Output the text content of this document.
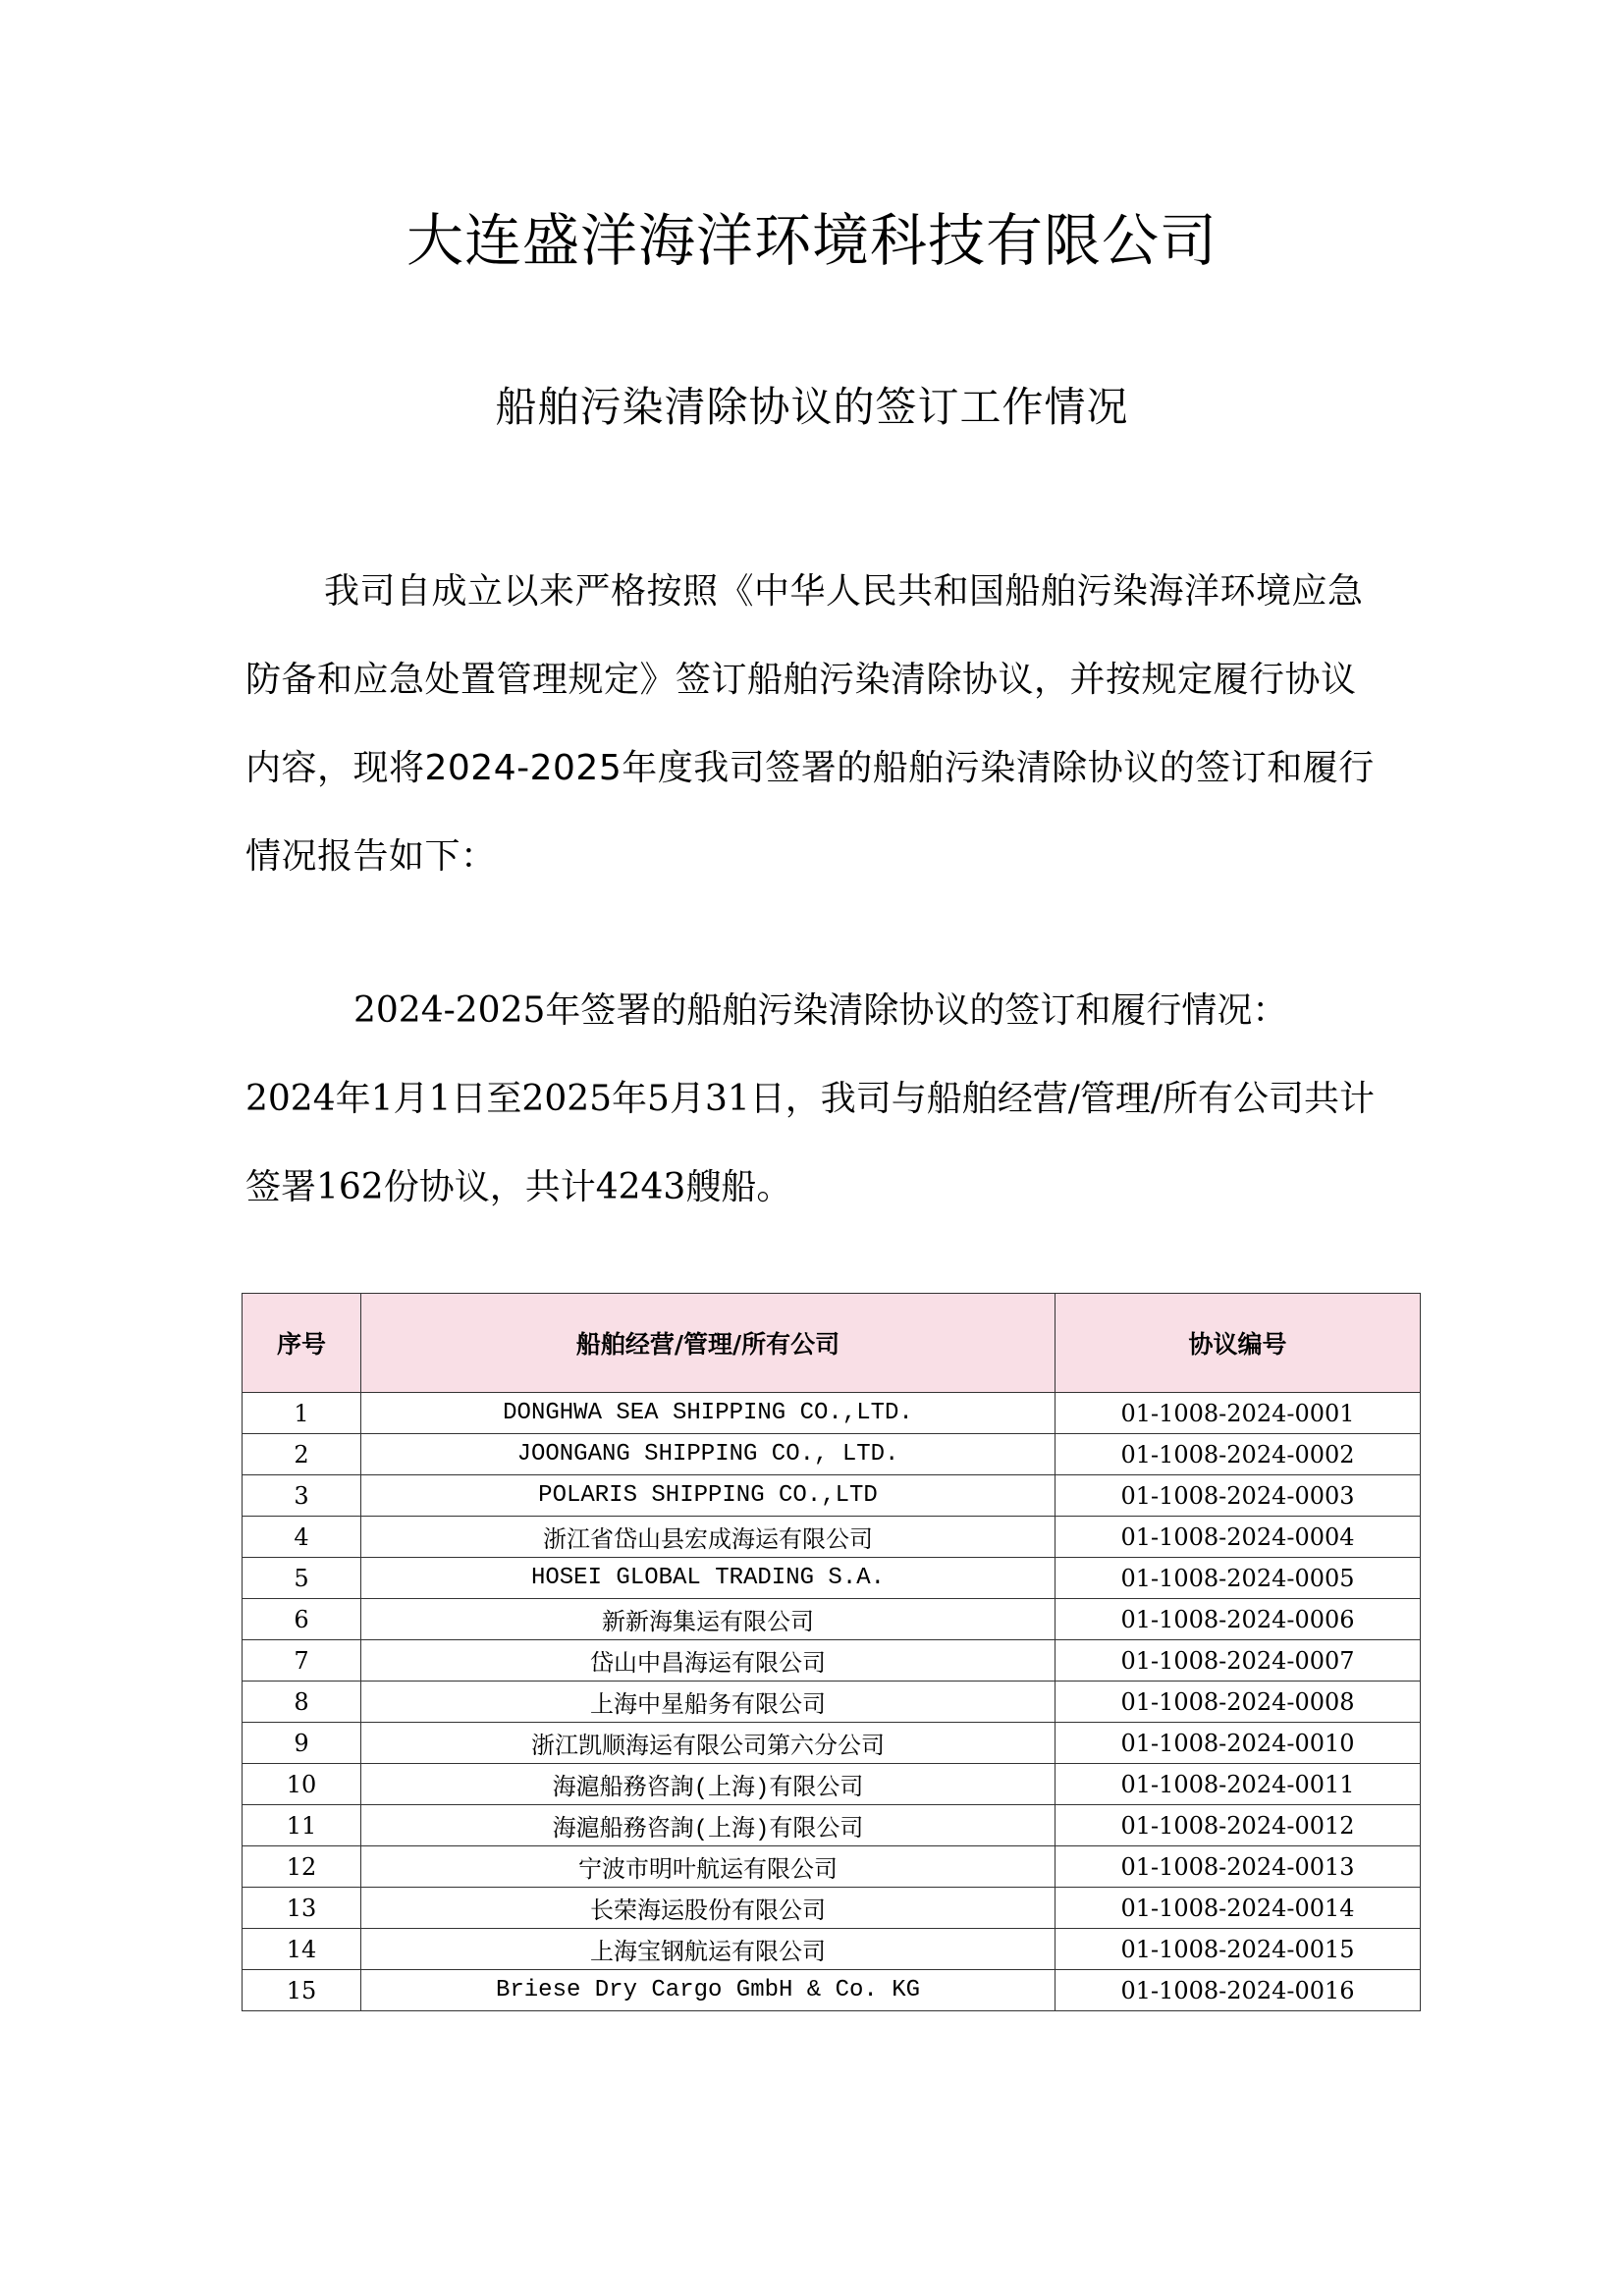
大连盛洋海洋环境科技有限公司
船舶污染清除协议的签订工作情况

我司自成立以来严格按照《中华人民共和国船舶污染海洋环境应急防备和应急处置管理规定》签订船舶污染清除协议，并按规定履行协议内容，现将2024-2025年度我司签署的船舶污染清除协议的签订和履行情况报告如下：

2024-2025年签署的船舶污染清除协议的签订和履行情况：

2024年1月1日至2025年5月31日，我司与船舶经营/管理/所有公司共计签署162份协议，共计4243艘船。

序号	船舶经营/管理/所有公司	协议编号
1	DONGHWA SEA SHIPPING CO.,LTD.	01-1008-2024-0001
2	JOONGANG SHIPPING CO., LTD.	01-1008-2024-0002
3	POLARIS SHIPPING CO.,LTD	01-1008-2024-0003
4	浙江省岱山县宏成海运有限公司	01-1008-2024-0004
5	HOSEI GLOBAL TRADING S.A.	01-1008-2024-0005
6	新新海集运有限公司	01-1008-2024-0006
7	岱山中昌海运有限公司	01-1008-2024-0007
8	上海中星船务有限公司	01-1008-2024-0008
9	浙江凯顺海运有限公司第六分公司	01-1008-2024-0010
10	海滬船務咨詢(上海)有限公司	01-1008-2024-0011
11	海滬船務咨詢(上海)有限公司	01-1008-2024-0012
12	宁波市明叶航运有限公司	01-1008-2024-0013
13	长荣海运股份有限公司	01-1008-2024-0014
14	上海宝钢航运有限公司	01-1008-2024-0015
15	Briese Dry Cargo GmbH & Co. KG	01-1008-2024-0016
